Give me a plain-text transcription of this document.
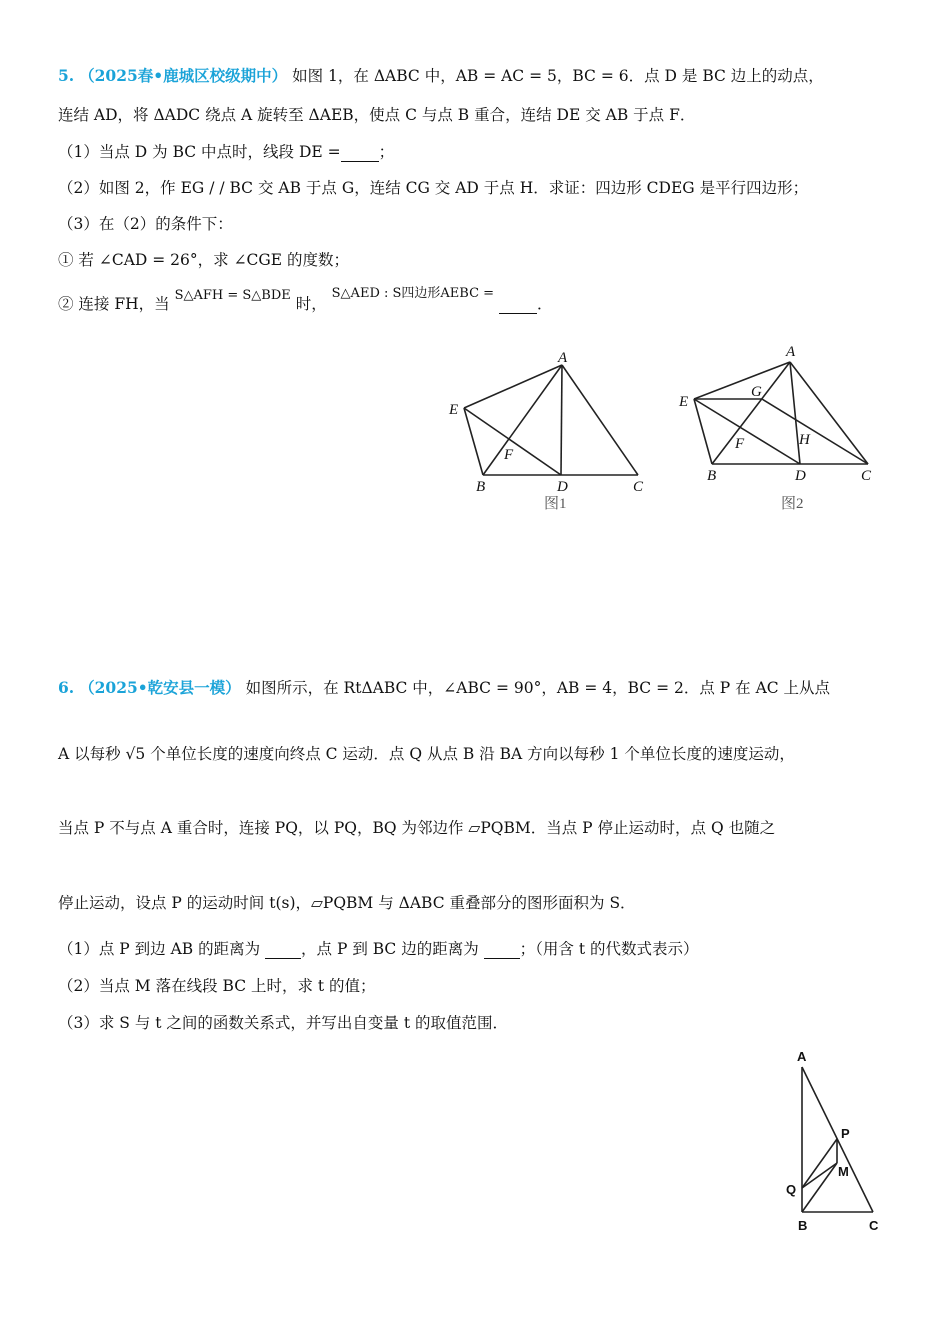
5. （2025春•鹿城区校级期中） 如图 1，在 ΔABC 中，AB = AC = 5，BC = 6．点 D 是 BC 边上的动点，
连结 AD，将 ΔADC 绕点 A 旋转至 ΔAEB，使点 C 与点 B 重合，连结 DE 交 AB 于点 F．
（1）当点 D 为 BC 中点时，线段 DE = ；
（2）如图 2，作 EG / / BC 交 AB 于点 G，连结 CG 交 AD 于点 H．求证：四边形 CDEG 是平行四边形；
（3）在（2）的条件下：
① 若 ∠CAD = 26°，求 ∠CGE 的度数；
② 连接 FH，当 $^{S\triangle AFH = S\triangle BDE}$ 时， $^{S\triangle AED : S四边形AEBC =}$  ．
A
E
F
B	D	C
图1
A
G
E
F	H
B	D	C
图2
6. （2025•乾安县一模） 如图所示，在 RtΔABC 中，∠ABC = 90°，AB = 4，BC = 2．点 P 在 AC 上从点
A 以每秒 √5 个单位长度的速度向终点 C 运动．点 Q 从点 B 沿 BA 方向以每秒 1 个单位长度的速度运动，
当点 P 不与点 A 重合时，连接 PQ，以 PQ，BQ 为邻边作 ▱PQBM．当点 P 停止运动时，点 Q 也随之
停止运动，设点 P 的运动时间 t(s)，▱PQBM 与 ΔABC 重叠部分的图形面积为 S．
（1）点 P 到边 AB 的距离为	，点 P 到 BC 边的距离为	；（用含 t 的代数式表示）
（2）当点 M 落在线段 BC 上时，求 t 的值；
（3）求 S 与 t 之间的函数关系式，并写出自变量 t 的取值范围．
A
P
M
Q
B	C
